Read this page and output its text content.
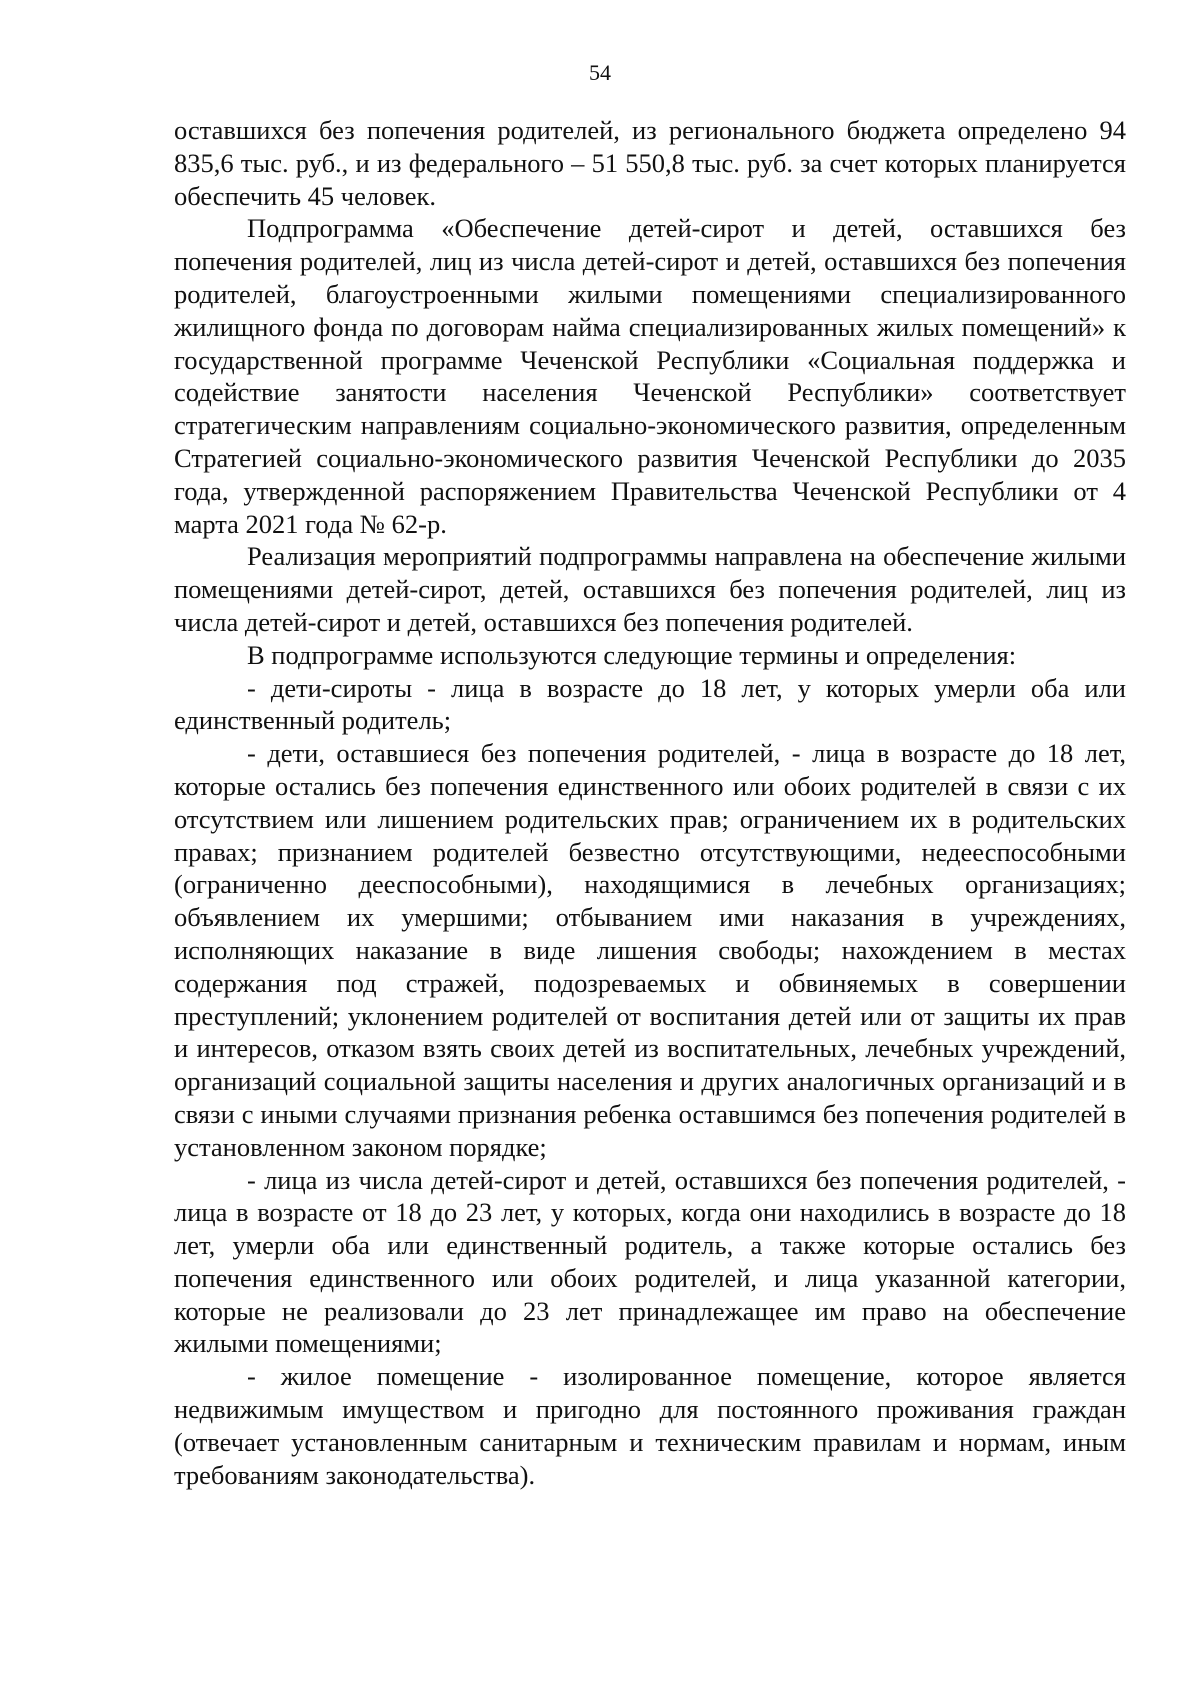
54

оставшихся без попечения родителей, из регионального бюджета определено 94 835,6 тыс. руб., и из федерального – 51 550,8 тыс. руб. за счет которых планируется обеспечить 45 человек.

Подпрограмма «Обеспечение детей-сирот и детей, оставшихся без попечения родителей, лиц из числа детей-сирот и детей, оставшихся без попечения родителей, благоустроенными жилыми помещениями специализированного жилищного фонда по договорам найма специализированных жилых помещений» к государственной программе Чеченской Республики «Социальная поддержка и содействие занятости населения Чеченской Республики» соответствует стратегическим направлениям социально-экономического развития, определенным Стратегией социально-экономического развития Чеченской Республики до 2035 года, утвержденной распоряжением Правительства Чеченской Республики от 4 марта 2021 года № 62-р.

Реализация мероприятий подпрограммы направлена на обеспечение жилыми помещениями детей-сирот, детей, оставшихся без попечения родителей, лиц из числа детей-сирот и детей, оставшихся без попечения родителей.

В подпрограмме используются следующие термины и определения:

- дети-сироты - лица в возрасте до 18 лет, у которых умерли оба или единственный родитель;

- дети, оставшиеся без попечения родителей, - лица в возрасте до 18 лет, которые остались без попечения единственного или обоих родителей в связи с их отсутствием или лишением родительских прав; ограничением их в родительских правах; признанием родителей безвестно отсутствующими, недееспособными (ограниченно дееспособными), находящимися в лечебных организациях; объявлением их умершими; отбыванием ими наказания в учреждениях, исполняющих наказание в виде лишения свободы; нахождением в местах содержания под стражей, подозреваемых и обвиняемых в совершении преступлений; уклонением родителей от воспитания детей или от защиты их прав и интересов, отказом взять своих детей из воспитательных, лечебных учреждений, организаций социальной защиты населения и других аналогичных организаций и в связи с иными случаями признания ребенка оставшимся без попечения родителей в установленном законом порядке;

- лица из числа детей-сирот и детей, оставшихся без попечения родителей, - лица в возрасте от 18 до 23 лет, у которых, когда они находились в возрасте до 18 лет, умерли оба или единственный родитель, а также которые остались без попечения единственного или обоих родителей, и лица указанной категории, которые не реализовали до 23 лет принадлежащее им право на обеспечение жилыми помещениями;

- жилое помещение - изолированное помещение, которое является недвижимым имуществом и пригодно для постоянного проживания граждан (отвечает установленным санитарным и техническим правилам и нормам, иным требованиям законодательства).
